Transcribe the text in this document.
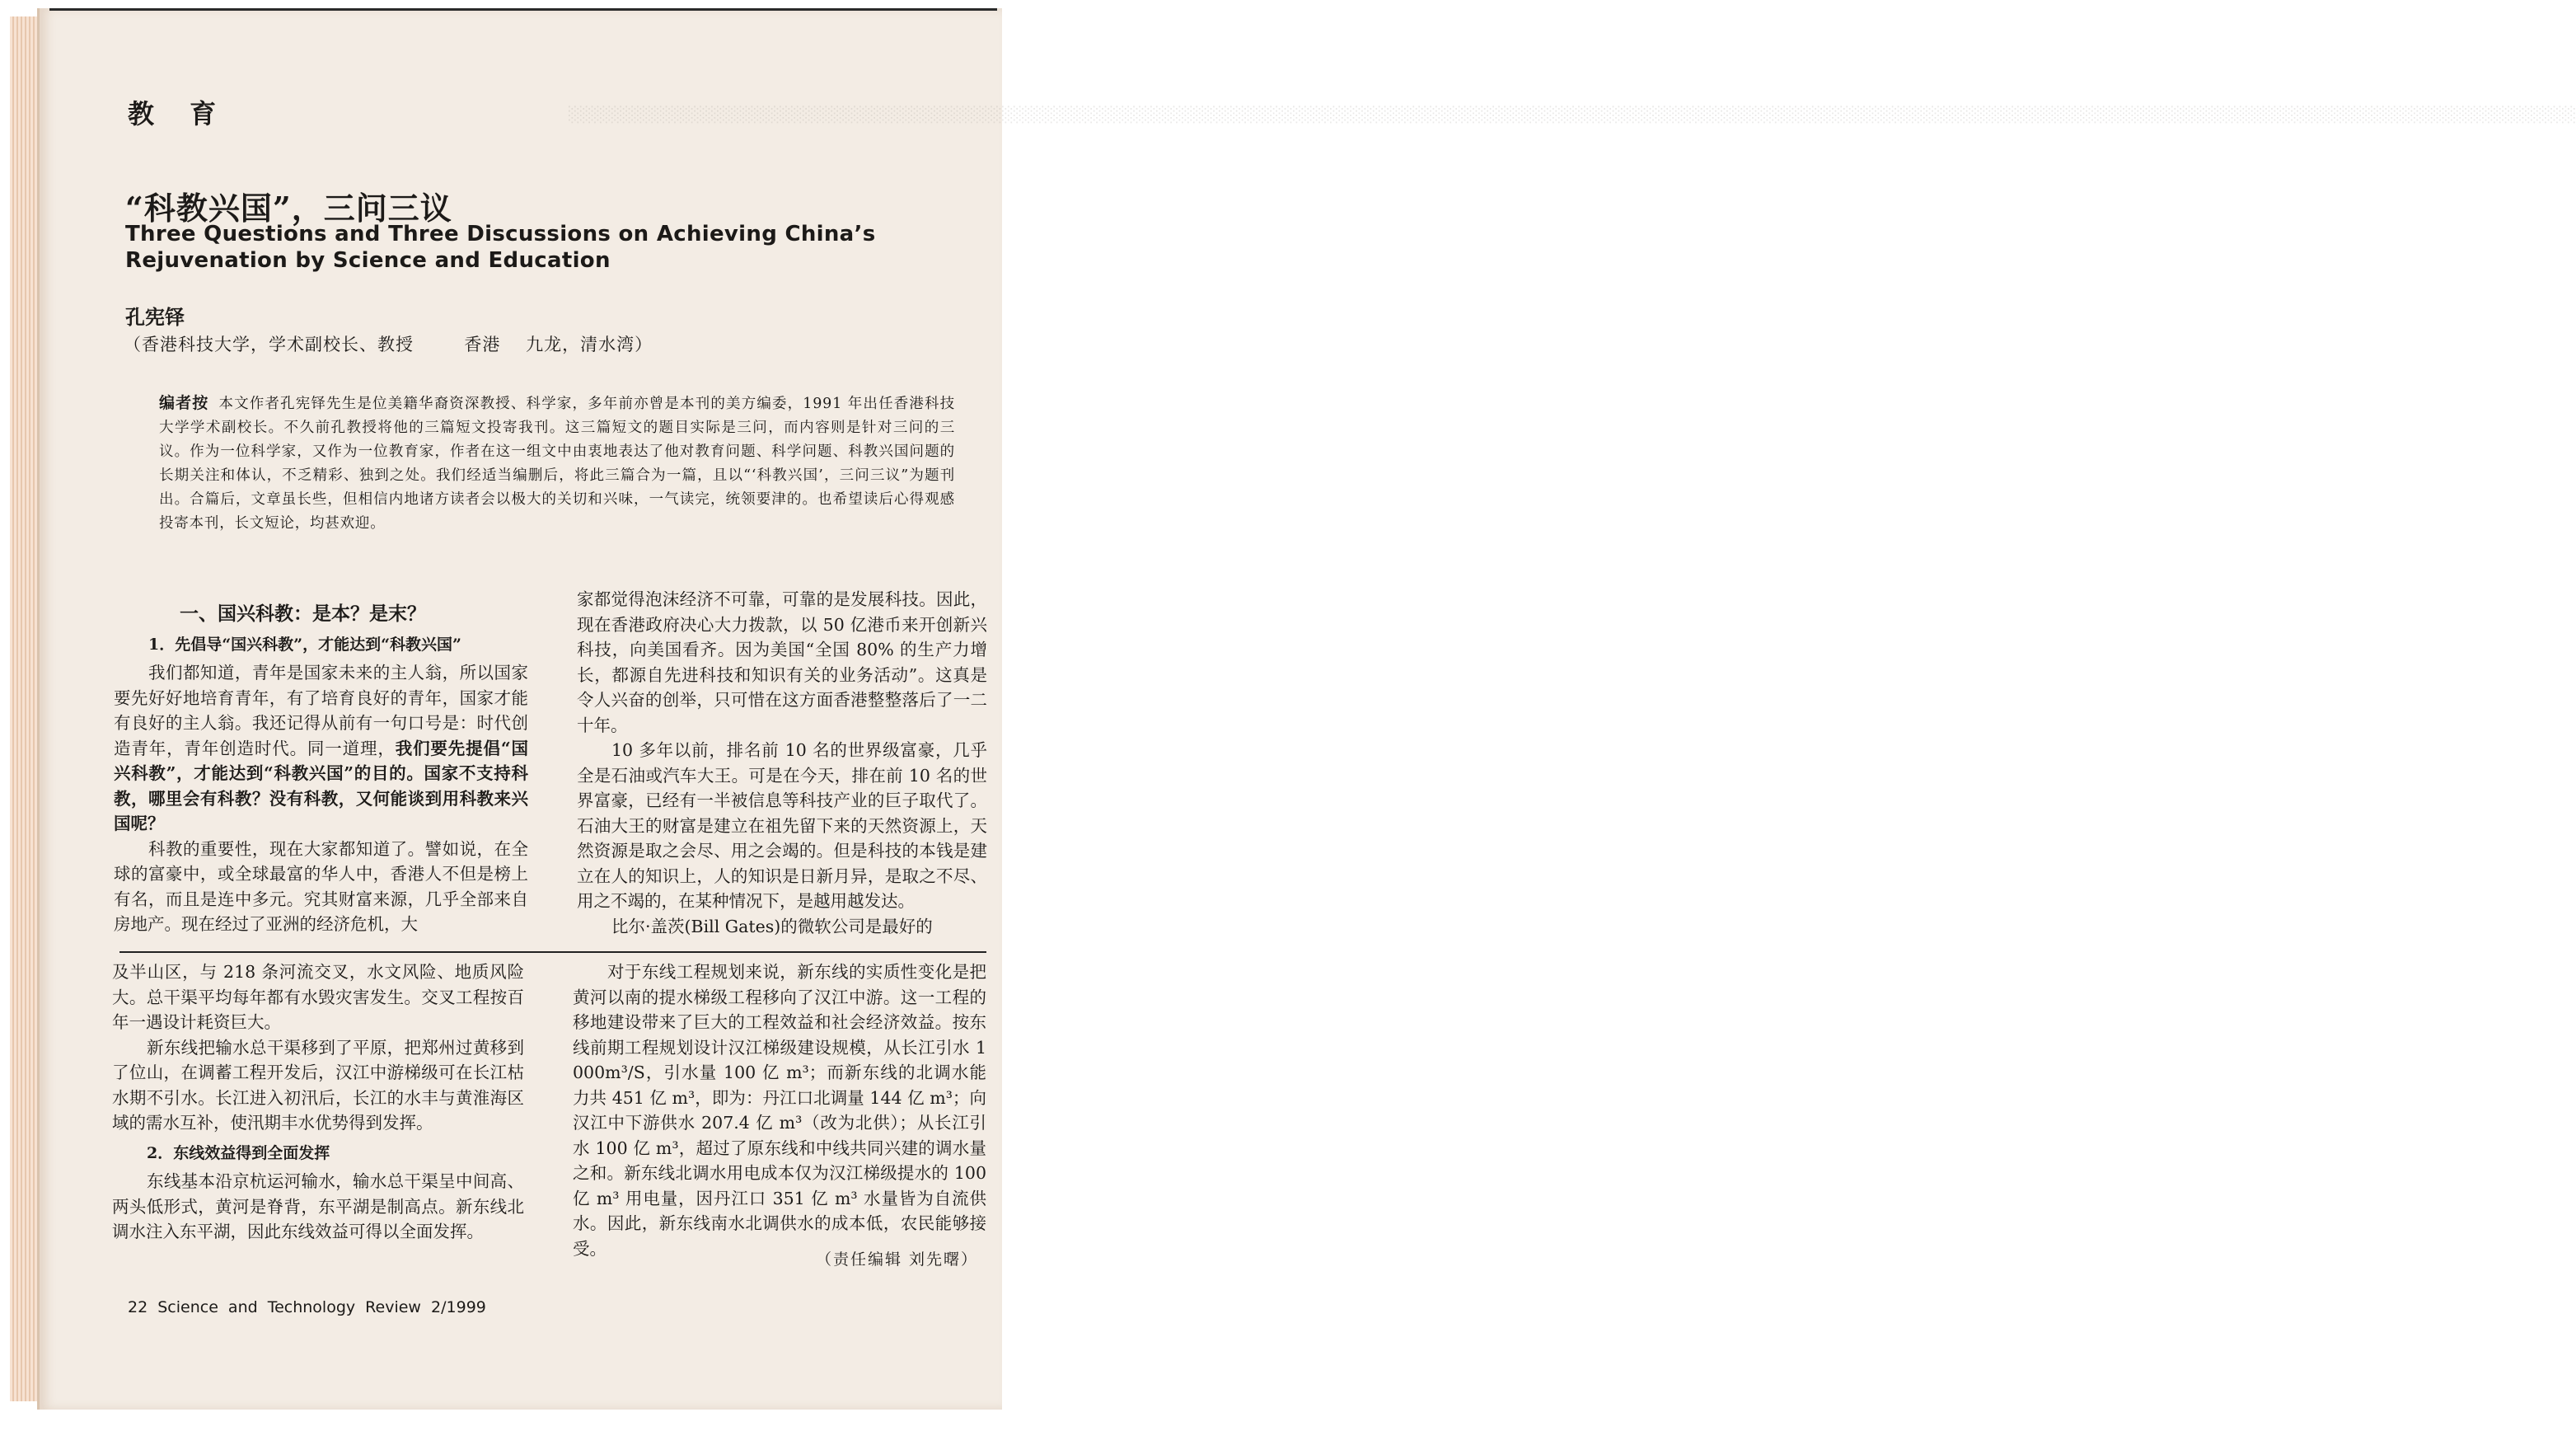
░░░░░░░░░░░░░░░░░░░░░░░░░░░░░░░░░░░░░░░░░░░░░░░░░░░░░░░░░░░░░░░░░░░░░░░░░░░░░░░░░░░░░░░░░░░░░░░░░░░░░░░░░░░░░░░░░░░░░░░░░░░░░░░░░░░░░░░░░░░░░░░░░░░░░░░░░░░░░░░░░░░░░░░░░░░░░░░░

教 育

“科教兴国”，三问三议

Three Questions and Three Discussions on Achieving China’s Rejuvenation by Science and Education

孔宪铎

（香港科技大学，学术副校长、教授        香港    九龙，清水湾）

编者按 本文作者孔宪铎先生是位美籍华裔资深教授、科学家，多年前亦曾是本刊的美方编委，1991 年出任香港科技大学学术副校长。不久前孔教授将他的三篇短文投寄我刊。这三篇短文的题目实际是三问，而内容则是针对三问的三议。作为一位科学家，又作为一位教育家，作者在这一组文中由衷地表达了他对教育问题、科学问题、科教兴国问题的长期关注和体认，不乏精彩、独到之处。我们经适当编删后，将此三篇合为一篇，且以“‘科教兴国’，三问三议”为题刊出。合篇后，文章虽长些，但相信内地诸方读者会以极大的关切和兴味，一气读完，统领要津的。也希望读后心得观感投寄本刊，长文短论，均甚欢迎。

一、国兴科教：是本？是末？

1．先倡导“国兴科教”，才能达到“科教兴国”

我们都知道，青年是国家未来的主人翁，所以国家要先好好地培育青年，有了培育良好的青年，国家才能有良好的主人翁。我还记得从前有一句口号是：时代创造青年，青年创造时代。同一道理，我们要先提倡“国兴科教”，才能达到“科教兴国”的目的。国家不支持科教，哪里会有科教？没有科教，又何能谈到用科教来兴国呢？

科教的重要性，现在大家都知道了。譬如说，在全球的富豪中，或全球最富的华人中，香港人不但是榜上有名，而且是连中多元。究其财富来源，几乎全部来自房地产。现在经过了亚洲的经济危机，大

家都觉得泡沫经济不可靠，可靠的是发展科技。因此，现在香港政府决心大力拨款，以 50 亿港币来开创新兴科技，向美国看齐。因为美国“全国 80% 的生产力增长，都源自先进科技和知识有关的业务活动”。这真是令人兴奋的创举，只可惜在这方面香港整整落后了一二十年。

10 多年以前，排名前 10 名的世界级富豪，几乎全是石油或汽车大王。可是在今天，排在前 10 名的世界富豪，已经有一半被信息等科技产业的巨子取代了。石油大王的财富是建立在祖先留下来的天然资源上，天然资源是取之会尽、用之会竭的。但是科技的本钱是建立在人的知识上，人的知识是日新月异，是取之不尽、用之不竭的，在某种情况下，是越用越发达。

比尔·盖茨(Bill Gates)的微软公司是最好的

及半山区，与 218 条河流交叉，水文风险、地质风险大。总干渠平均每年都有水毁灾害发生。交叉工程按百年一遇设计耗资巨大。

新东线把输水总干渠移到了平原，把郑州过黄移到了位山，在调蓄工程开发后，汉江中游梯级可在长江枯水期不引水。长江进入初汛后，长江的水丰与黄淮海区域的需水互补，使汛期丰水优势得到发挥。

2．东线效益得到全面发挥

东线基本沿京杭运河输水，输水总干渠呈中间高、两头低形式，黄河是脊背，东平湖是制高点。新东线北调水注入东平湖，因此东线效益可得以全面发挥。

对于东线工程规划来说，新东线的实质性变化是把黄河以南的提水梯级工程移向了汉江中游。这一工程的移地建设带来了巨大的工程效益和社会经济效益。按东线前期工程规划设计汉江梯级建设规模，从长江引水 1 000m³/S，引水量 100 亿 m³；而新东线的北调水能力共 451 亿 m³，即为：丹江口北调量 144 亿 m³；向汉江中下游供水 207.4 亿 m³（改为北供）；从长江引水 100 亿 m³，超过了原东线和中线共同兴建的调水量之和。新东线北调水用电成本仅为汉江梯级提水的 100 亿 m³ 用电量，因丹江口 351 亿 m³ 水量皆为自流供水。因此，新东线南水北调供水的成本低，农民能够接受。

（责任编辑 刘先曙）

22 Science and Technology Review 2/1999
